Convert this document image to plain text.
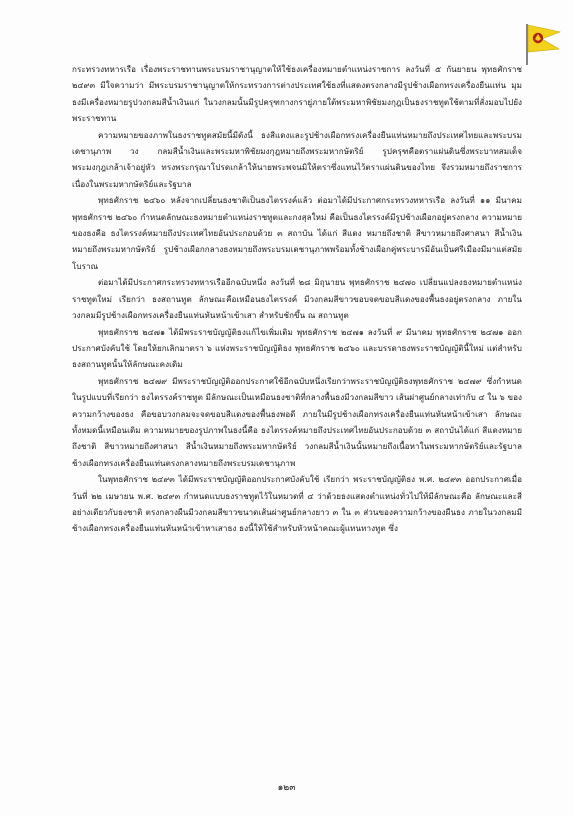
กระทรวงทหารเรือ เรื่องพระราชทานพระบรมราชานุญาตให้ใช้ธงเครื่องหมายตำแหน่งราชการ ลงวันที่ ๕ กันยายน พุทธศักราช ๒๔๙๓ มีใจความว่า มีพระบรมราชานุญาตให้กระทรวงการต่างประเทศใช้ธงที่แสดงตรงกลางมีรูปช้างเผือกทรงเครื่องยืนแท่น มุมธงมีเครื่องหมายรูปวงกลมสีน้ำเงินแก่ ในวงกลมนั้นมีรูปครุฑกางกรายู่ภายใต้พระมหาพิชัยมงกุฎเป็นธงราชทูตใช้ตามที่สั่งมอบไปยังพระราชทาน

ความหมายของภาพในธงราชทูตสมัยนี้มีดังนี้ ธงสีแดงและรูปช้างเผือกทรงเครื่องยืนแท่นหมายถึงประเทศไทยและพระบรมเดชานุภาพ วง กลมสีน้ำเงินและพระมหาพิชัยมงกุฎหมายถึงพระมหากษัตริย์ รูปครุฑคือตราแผ่นดินซึ่งพระบาทสมเด็จพระมงกุฎเกล้าเจ้าอยู่หัว ทรงพระกรุณาโปรดเกล้าให้นายพระพจนมิให้ตราซึ่งแทนไว้ตราแผ่นดินของไทย จึงรวมหมายถึงราชการเนื่องในพระมหากษัตริย์และรัฐบาล

พุทธศักราช ๒๔๖๐ หลังจากเปลี่ยนธงชาติเป็นธงไตรรงค์แล้ว ต่อมาได้มีประกาศกระทรวงทหารเรือ ลงวันที่ ๑๑ มีนาคม พุทธศักราช ๒๔๖๐ กำหนดลักษณะธงหมายตำแหน่งราชทูตและกงสุลใหม่ คือเป็นธงไตรรงค์มีรูปช้างเผือกอยู่ตรงกลาง ความหมายของธงคือ ธงไตรรงค์หมายถึงประเทศไทยอันประกอบด้วย ๓ สถาบัน ได้แก่ สีแดง หมายถึงชาติ สีขาวหมายถึงศาสนา สีน้ำเงินหมายถึงพระมหากษัตริย์ รูปช้างเผือกกลางธงหมายถึงพระบรมเดชานุภาพพร้อมทั้งช้างเผือกคู่พระบารมีอันเป็นศรีเมืองมีมาแต่สมัยโบราณ

ต่อมาได้มีประกาศกระทรวงทหารเรืออีกฉบับหนึ่ง ลงวันที่ ๒๘ มิถุนายน พุทธศักราช ๒๔๗๐ เปลี่ยนแปลงธงหมายตำแหน่งราชทูตใหม่ เรียกว่า ธงสถานทูต ลักษณะคือเหมือนธงไตรรงค์ มีวงกลมสีขาวขอบจดขอบสีแดงของพื้นธงอยู่ตรงกลาง ภายในวงกลมมีรูปช้างเผือกทรงเครื่องยืนแท่นหันหน้าเข้าเสา สำหรับชักขึ้น ณ สถานทูต

พุทธศักราช ๒๔๗๑ ได้มีพระราชบัญญัติธงแก้ไขเพิ่มเติม พุทธศักราช ๒๔๗๑ ลงวันที่ ๙ มีนาคม พุทธศักราช ๒๔๗๑ ออกประกาศบังคับใช้ โดยให้ยกเลิกมาตรา ๖ แห่งพระราชบัญญัติธง พุทธศักราช ๒๔๖๐ และบรรดาธงพระราชบัญญัตินี้ใหม่ แต่สำหรับธงสถานทูตนั้นให้ลักษณะคงเดิม

พุทธศักราช ๒๔๗๙ มีพระราชบัญญัติออกประกาศใช้อีกฉบับหนึ่งเรียกว่าพระราชบัญญัติธงพุทธศักราช ๒๔๗๙ ซึ่งกำหนดในรูปแบบที่เรียกว่า ธงไตรรงค์ราชทูต มีลักษณะเป็นเหมือนธงชาติที่กลางพื้นธงมีวงกลมสีขาว เส้นผ่าศูนย์กลางเท่ากับ ๔ ใน ๖ ของความกว้างของธง คือขอบวงกลมจะจดขอบสีแดงของพื้นธงพอดี ภายในมีรูปช้างเผือกทรงเครื่องยืนแท่นหันหน้าเข้าเสา ลักษณะทั้งหมดนี้เหมือนเดิม ความหมายของรูปภาพในธงนี้คือ ธงไตรรงค์หมายถึงประเทศไทยอันประกอบด้วย ๓ สถาบันได้แก่ สีแดงหมายถึงชาติ สีขาวหมายถึงศาสนา สีน้ำเงินหมายถึงพระมหากษัตริย์ วงกลมสีน้ำเงินนั้นหมายถึงเนื้อหาในพระมหากษัตริย์และรัฐบาล ช้างเผือกทรงเครื่องยืนแท่นตรงกลางหมายถึงพระบรมเดชานุภาพ

ในพุทธศักราช ๒๔๙๓ ได้มีพระราชบัญญัติออกประกาศบังคับใช้ เรียกว่า พระราชบัญญัติธง พ.ศ. ๒๔๙๓ ออกประกาศเมื่อวันที่ ๒๒ เมษายน พ.ศ. ๒๔๙๓ กำหนดแบบธงราชทูตไว้ในหมวดที่ ๔ ว่าด้วยธงแสดงตำแหน่งทั่วไปให้มีลักษณะคือ ลักษณะและสีอย่างเดียวกับธงชาติ ตรงกลางผืนมีวงกลมสีขาวขนาดเส้นผ่าศูนย์กลางยาว ๓ ใน ๓ ส่วนของความกว้างของผืนธง ภายในวงกลมมีช้างเผือกทรงเครื่องยืนแท่นหันหน้าเข้าหาเสาธง ธงนี้ให้ใช้สำหรับหัวหน้าคณะผู้แทนทางทูต ซึ่ง

๑๒๓
